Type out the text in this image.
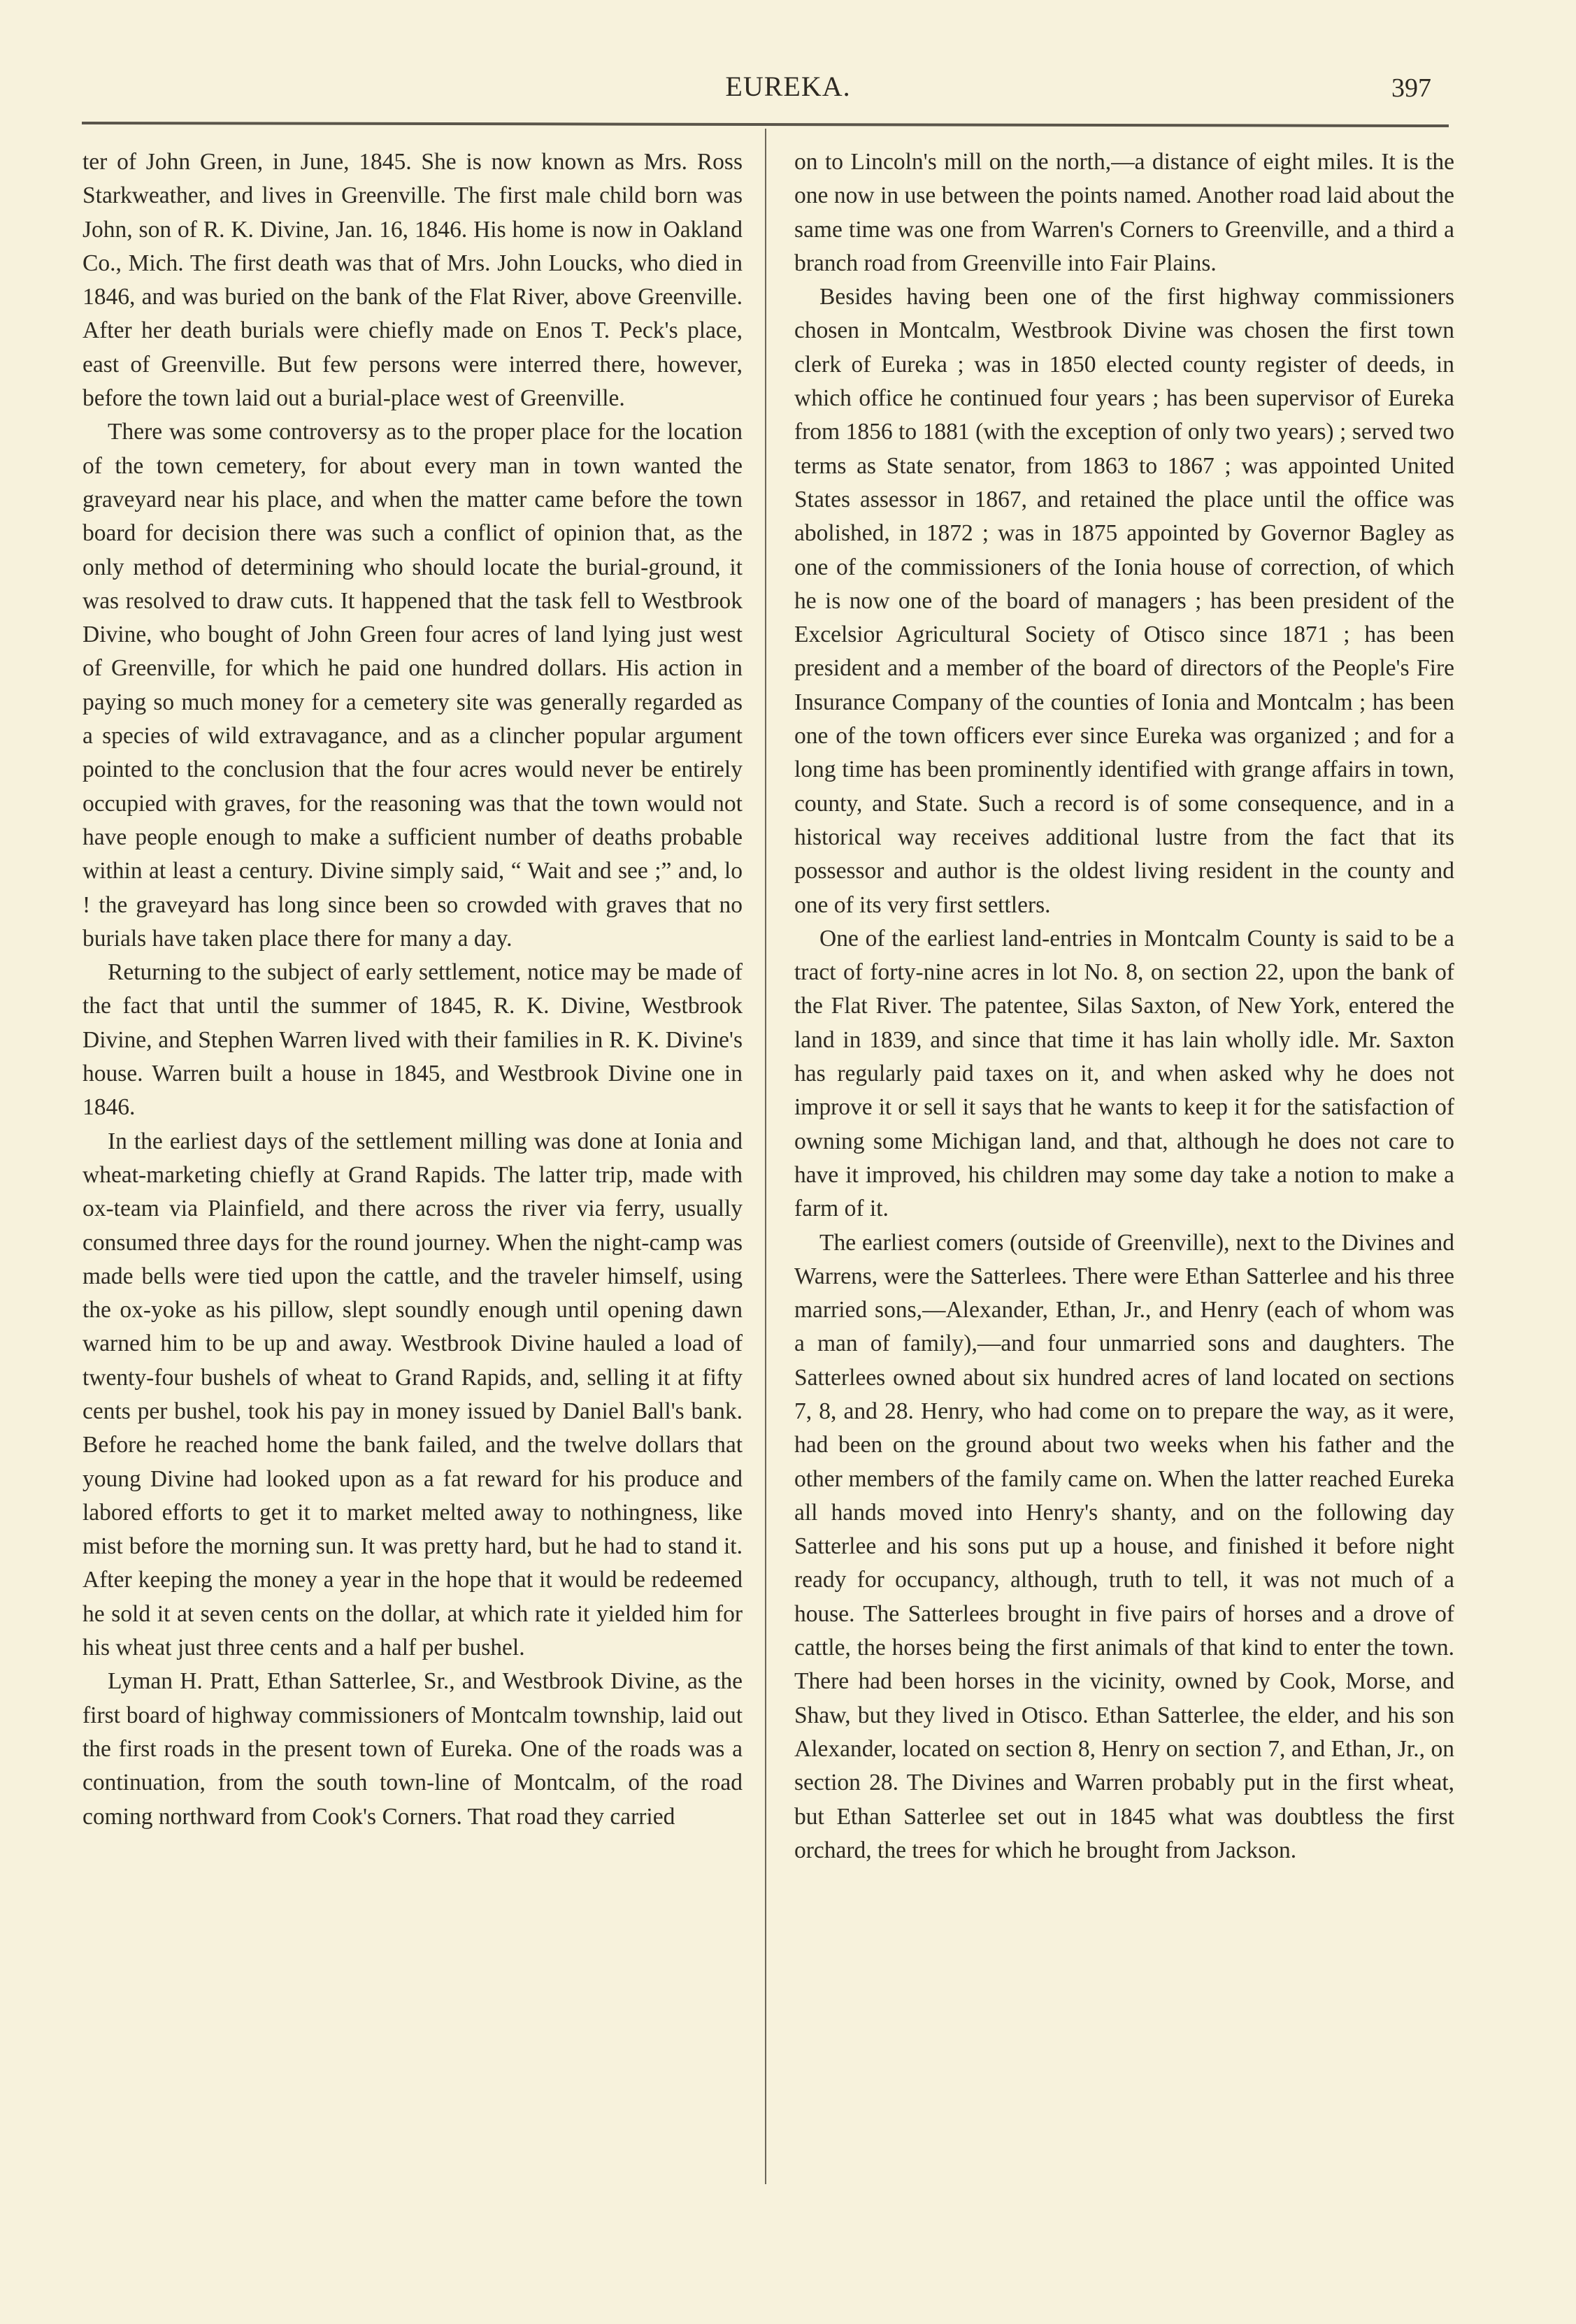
EUREKA.	397

ter of John Green, in June, 1845. She is now known as Mrs. Ross Starkweather, and lives in Greenville. The first male child born was John, son of R. K. Divine, Jan. 16, 1846. His home is now in Oakland Co., Mich. The first death was that of Mrs. John Loucks, who died in 1846, and was buried on the bank of the Flat River, above Greenville. After her death burials were chiefly made on Enos T. Peck's place, east of Greenville. But few persons were interred there, however, before the town laid out a burial-place west of Greenville.

There was some controversy as to the proper place for the location of the town cemetery, for about every man in town wanted the graveyard near his place, and when the matter came before the town board for decision there was such a conflict of opinion that, as the only method of determining who should locate the burial-ground, it was resolved to draw cuts. It happened that the task fell to Westbrook Divine, who bought of John Green four acres of land lying just west of Greenville, for which he paid one hundred dollars. His action in paying so much money for a cemetery site was generally regarded as a species of wild extravagance, and as a clincher popular argument pointed to the conclusion that the four acres would never be entirely occupied with graves, for the reasoning was that the town would not have people enough to make a sufficient number of deaths probable within at least a century. Divine simply said, “ Wait and see ;” and, lo ! the graveyard has long since been so crowded with graves that no burials have taken place there for many a day.

Returning to the subject of early settlement, notice may be made of the fact that until the summer of 1845, R. K. Divine, Westbrook Divine, and Stephen Warren lived with their families in R. K. Divine's house. Warren built a house in 1845, and Westbrook Divine one in 1846.

In the earliest days of the settlement milling was done at Ionia and wheat-marketing chiefly at Grand Rapids. The latter trip, made with ox-team via Plainfield, and there across the river via ferry, usually consumed three days for the round journey. When the night-camp was made bells were tied upon the cattle, and the traveler himself, using the ox-yoke as his pillow, slept soundly enough until opening dawn warned him to be up and away. Westbrook Divine hauled a load of twenty-four bushels of wheat to Grand Rapids, and, selling it at fifty cents per bushel, took his pay in money issued by Daniel Ball's bank. Before he reached home the bank failed, and the twelve dollars that young Divine had looked upon as a fat reward for his produce and labored efforts to get it to market melted away to nothingness, like mist before the morning sun. It was pretty hard, but he had to stand it. After keeping the money a year in the hope that it would be redeemed he sold it at seven cents on the dollar, at which rate it yielded him for his wheat just three cents and a half per bushel.

Lyman H. Pratt, Ethan Satterlee, Sr., and Westbrook Divine, as the first board of highway commissioners of Montcalm township, laid out the first roads in the present town of Eureka. One of the roads was a continuation, from the south town-line of Montcalm, of the road coming northward from Cook's Corners. That road they carried

on to Lincoln's mill on the north,—a distance of eight miles. It is the one now in use between the points named. Another road laid about the same time was one from Warren's Corners to Greenville, and a third a branch road from Greenville into Fair Plains.

Besides having been one of the first highway commissioners chosen in Montcalm, Westbrook Divine was chosen the first town clerk of Eureka ; was in 1850 elected county register of deeds, in which office he continued four years ; has been supervisor of Eureka from 1856 to 1881 (with the exception of only two years) ; served two terms as State senator, from 1863 to 1867 ; was appointed United States assessor in 1867, and retained the place until the office was abolished, in 1872 ; was in 1875 appointed by Governor Bagley as one of the commissioners of the Ionia house of correction, of which he is now one of the board of managers ; has been president of the Excelsior Agricultural Society of Otisco since 1871 ; has been president and a member of the board of directors of the People's Fire Insurance Company of the counties of Ionia and Montcalm ; has been one of the town officers ever since Eureka was organized ; and for a long time has been prominently identified with grange affairs in town, county, and State. Such a record is of some consequence, and in a historical way receives additional lustre from the fact that its possessor and author is the oldest living resident in the county and one of its very first settlers.

One of the earliest land-entries in Montcalm County is said to be a tract of forty-nine acres in lot No. 8, on section 22, upon the bank of the Flat River. The patentee, Silas Saxton, of New York, entered the land in 1839, and since that time it has lain wholly idle. Mr. Saxton has regularly paid taxes on it, and when asked why he does not improve it or sell it says that he wants to keep it for the satisfaction of owning some Michigan land, and that, although he does not care to have it improved, his children may some day take a notion to make a farm of it.

The earliest comers (outside of Greenville), next to the Divines and Warrens, were the Satterlees. There were Ethan Satterlee and his three married sons,—Alexander, Ethan, Jr., and Henry (each of whom was a man of family),—and four unmarried sons and daughters. The Satterlees owned about six hundred acres of land located on sections 7, 8, and 28. Henry, who had come on to prepare the way, as it were, had been on the ground about two weeks when his father and the other members of the family came on. When the latter reached Eureka all hands moved into Henry's shanty, and on the following day Satterlee and his sons put up a house, and finished it before night ready for occupancy, although, truth to tell, it was not much of a house. The Satterlees brought in five pairs of horses and a drove of cattle, the horses being the first animals of that kind to enter the town. There had been horses in the vicinity, owned by Cook, Morse, and Shaw, but they lived in Otisco. Ethan Satterlee, the elder, and his son Alexander, located on section 8, Henry on section 7, and Ethan, Jr., on section 28. The Divines and Warren probably put in the first wheat, but Ethan Satterlee set out in 1845 what was doubtless the first orchard, the trees for which he brought from Jackson.
